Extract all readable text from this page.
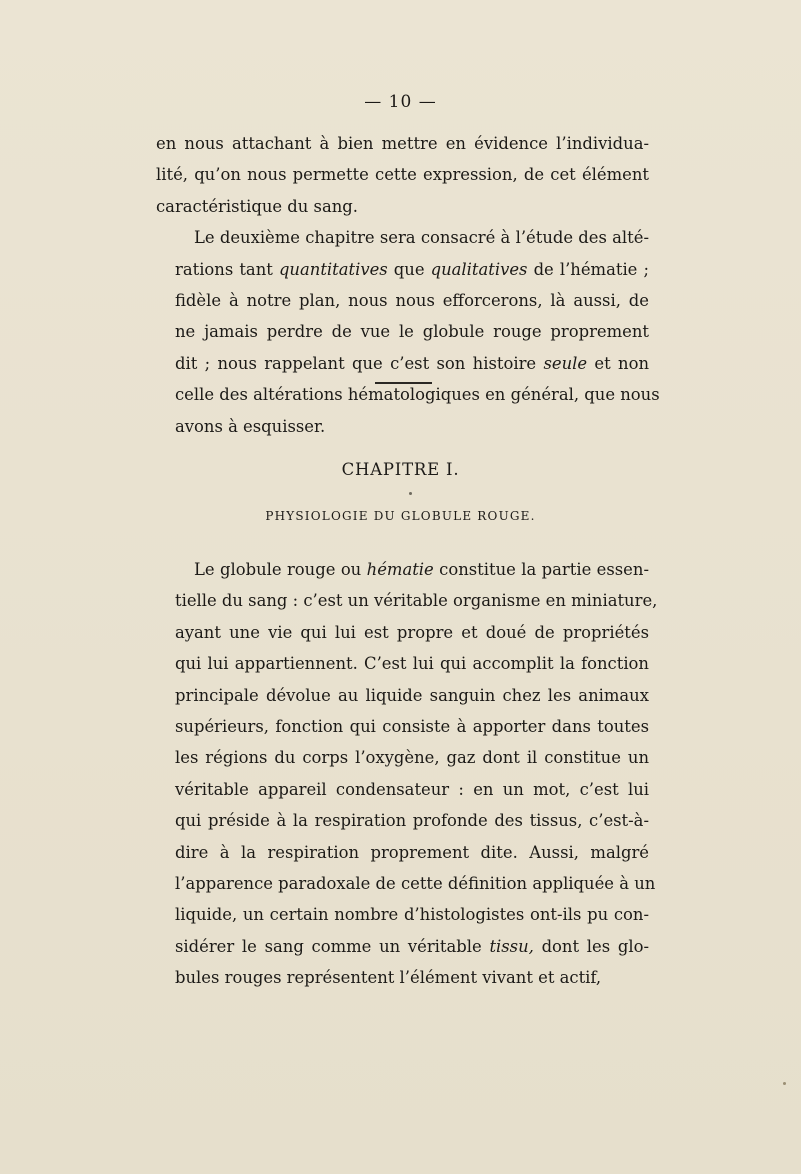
— 10 —

en nous attachant à bien mettre en évidence l’individua-
lité, qu’on nous permette cette expression, de cet élément
caractéristique du sang.

Le deuxième chapitre sera consacré à l’étude des alté-
rations tant quantitatives que qualitatives de l’hématie ;
fidèle à notre plan, nous nous efforcerons, là aussi, de
ne jamais perdre de vue le globule rouge proprement
dit ; nous rappelant que c’est son histoire seule et non
celle des altérations hématologiques en général, que nous
avons à esquisser.

CHAPITRE I.
PHYSIOLOGIE DU GLOBULE ROUGE.

Le globule rouge ou hématie constitue la partie essen-
tielle du sang : c’est un véritable organisme en miniature,
ayant une vie qui lui est propre et doué de propriétés
qui lui appartiennent. C’est lui qui accomplit la fonction
principale dévolue au liquide sanguin chez les animaux
supérieurs, fonction qui consiste à apporter dans toutes
les régions du corps l’oxygène, gaz dont il constitue un
véritable appareil condensateur : en un mot, c’est lui
qui préside à la respiration profonde des tissus, c’est-à-
dire à la respiration proprement dite. Aussi, malgré
l’apparence paradoxale de cette définition appliquée à un
liquide, un certain nombre d’histologistes ont-ils pu con-
sidérer le sang comme un véritable tissu, dont les glo-
bules rouges représentent l’élément vivant et actif,
